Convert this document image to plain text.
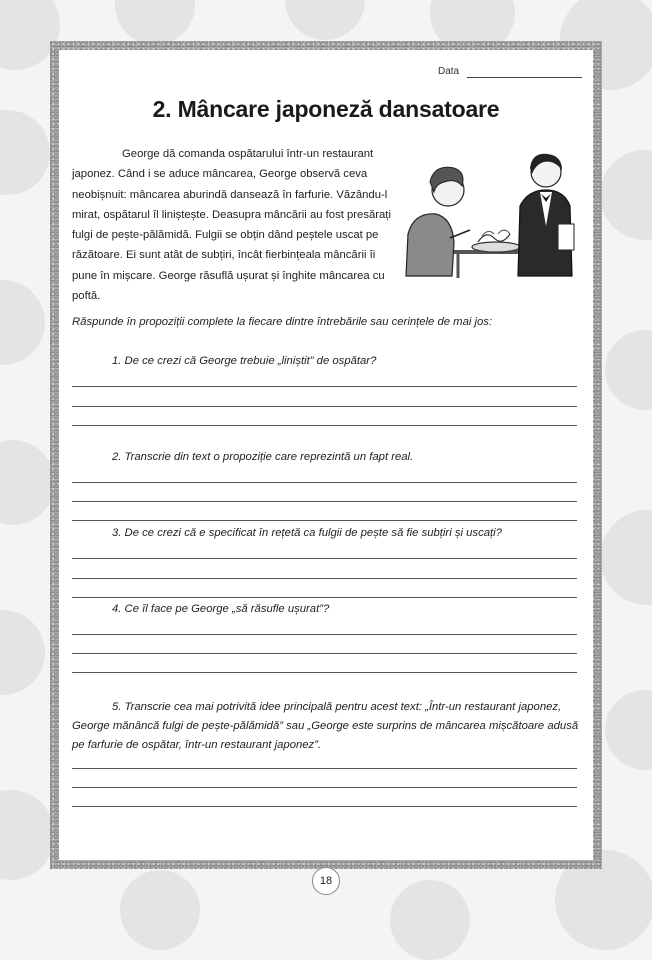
Data
2. Mâncare japoneză dansatoare

George dă comanda ospătarului într-un restaurant japonez. Când i se aduce mâncarea, George observă ceva neobișnuit: mâncarea aburindă dansează în farfurie. Văzându-l mirat, ospătarul îl liniștește. Deasupra mâncării au fost presărați fulgi de pește-pălămidă. Fulgii se obțin dând peștele uscat pe răzătoare. Ei sunt atât de subțiri, încât fierbințeala mâncării îi pune în mișcare. George răsuflă ușurat și înghite mâncarea cu poftă.

Răspunde în propoziții complete la fiecare dintre întrebările sau cerințele de mai jos:
1. De ce crezi că George trebuie „liniștit” de ospătar?
2. Transcrie din text o propoziție care reprezintă un fapt real.
3. De ce crezi că e specificat în rețetă ca fulgii de pește să fie subțiri și uscați?
4. Ce îl face pe George „să răsufle ușurat”?
5. Transcrie cea mai potrivită idee principală pentru acest text: „Într-un restaurant japonez, George mănâncă fulgi de pește-pălămidă” sau „George este surprins de mâncarea mișcătoare adusă pe farfurie de ospătar, într-un restaurant japonez”.
18
